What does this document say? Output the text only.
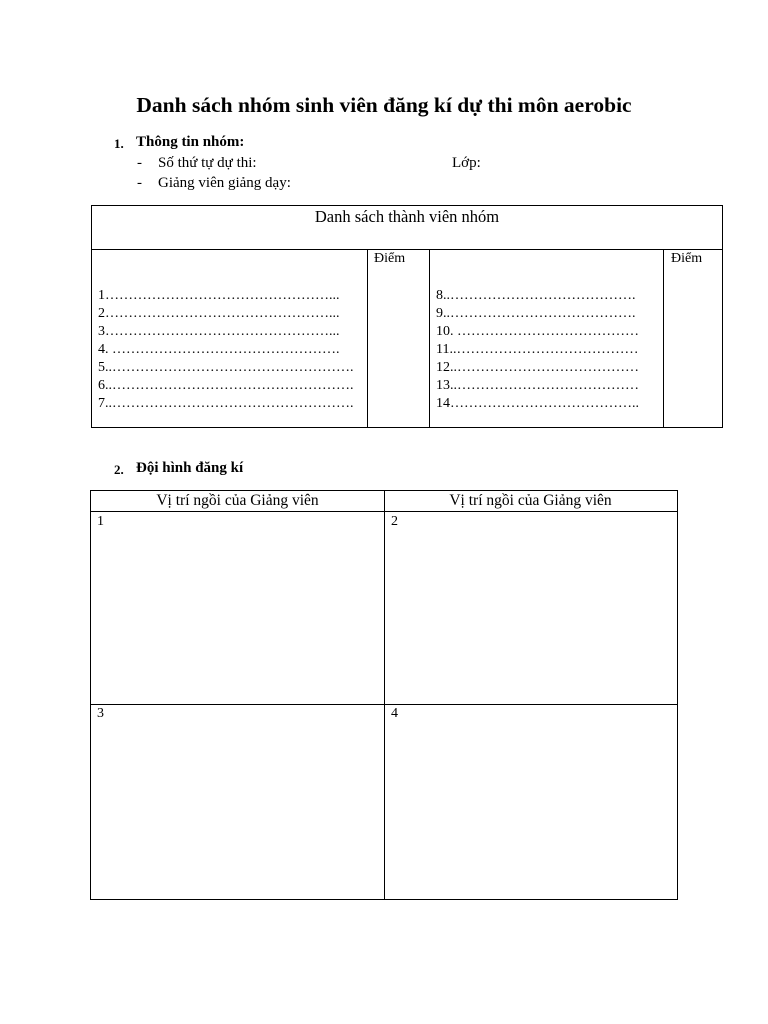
Danh sách nhóm sinh viên đăng kí dự thi môn aerobic
1. Thông tin nhóm:
- Số thứ tự dự thi:	Lớp:
- Giảng viên giảng dạy:
Danh sách thành viên nhóm
Điểm	Điểm
1…………………………………………...
2…………………………………………...
3…………………………………………...
4. ………………………………………….
5..…………………………………………….
6..…………………………………………….
7..…………………………………………….
8..………………………………….
9..………………………………….
10. …………………………………
11..…………………………………
12..…………………………………
13..…………………………………
14…………………………………..
2. Đội hình đăng kí
Vị trí ngồi của Giảng viên	Vị trí ngồi của Giảng viên
1	2
3	4
